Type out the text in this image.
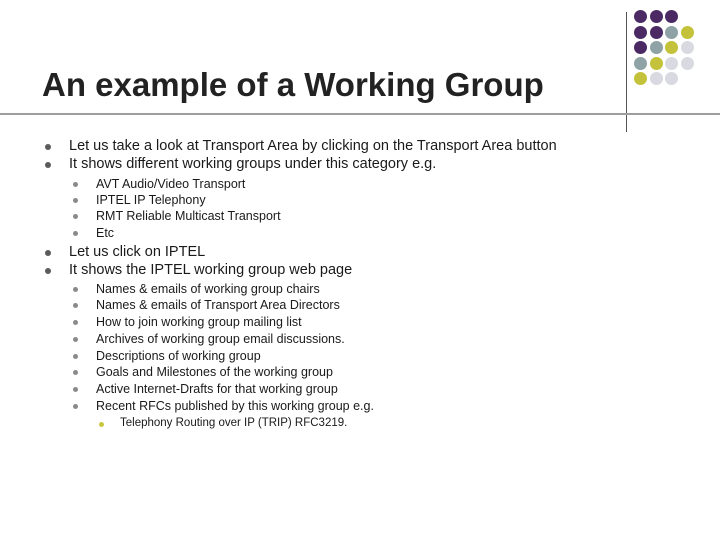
An example of a Working Group
Let us take a look at Transport Area by clicking on the Transport Area button
It shows different working groups under this category e.g.
AVT Audio/Video Transport
IPTEL IP Telephony
RMT Reliable Multicast Transport
Etc
Let us click on IPTEL
It shows the IPTEL working group web page
Names & emails of working group chairs
Names & emails of Transport Area Directors
How to join working group mailing list
Archives of working group email discussions.
Descriptions of working group
Goals and Milestones of the working group
Active Internet-Drafts for that working group
Recent RFCs published by this working group e.g.
Telephony Routing over IP (TRIP) RFC3219.
